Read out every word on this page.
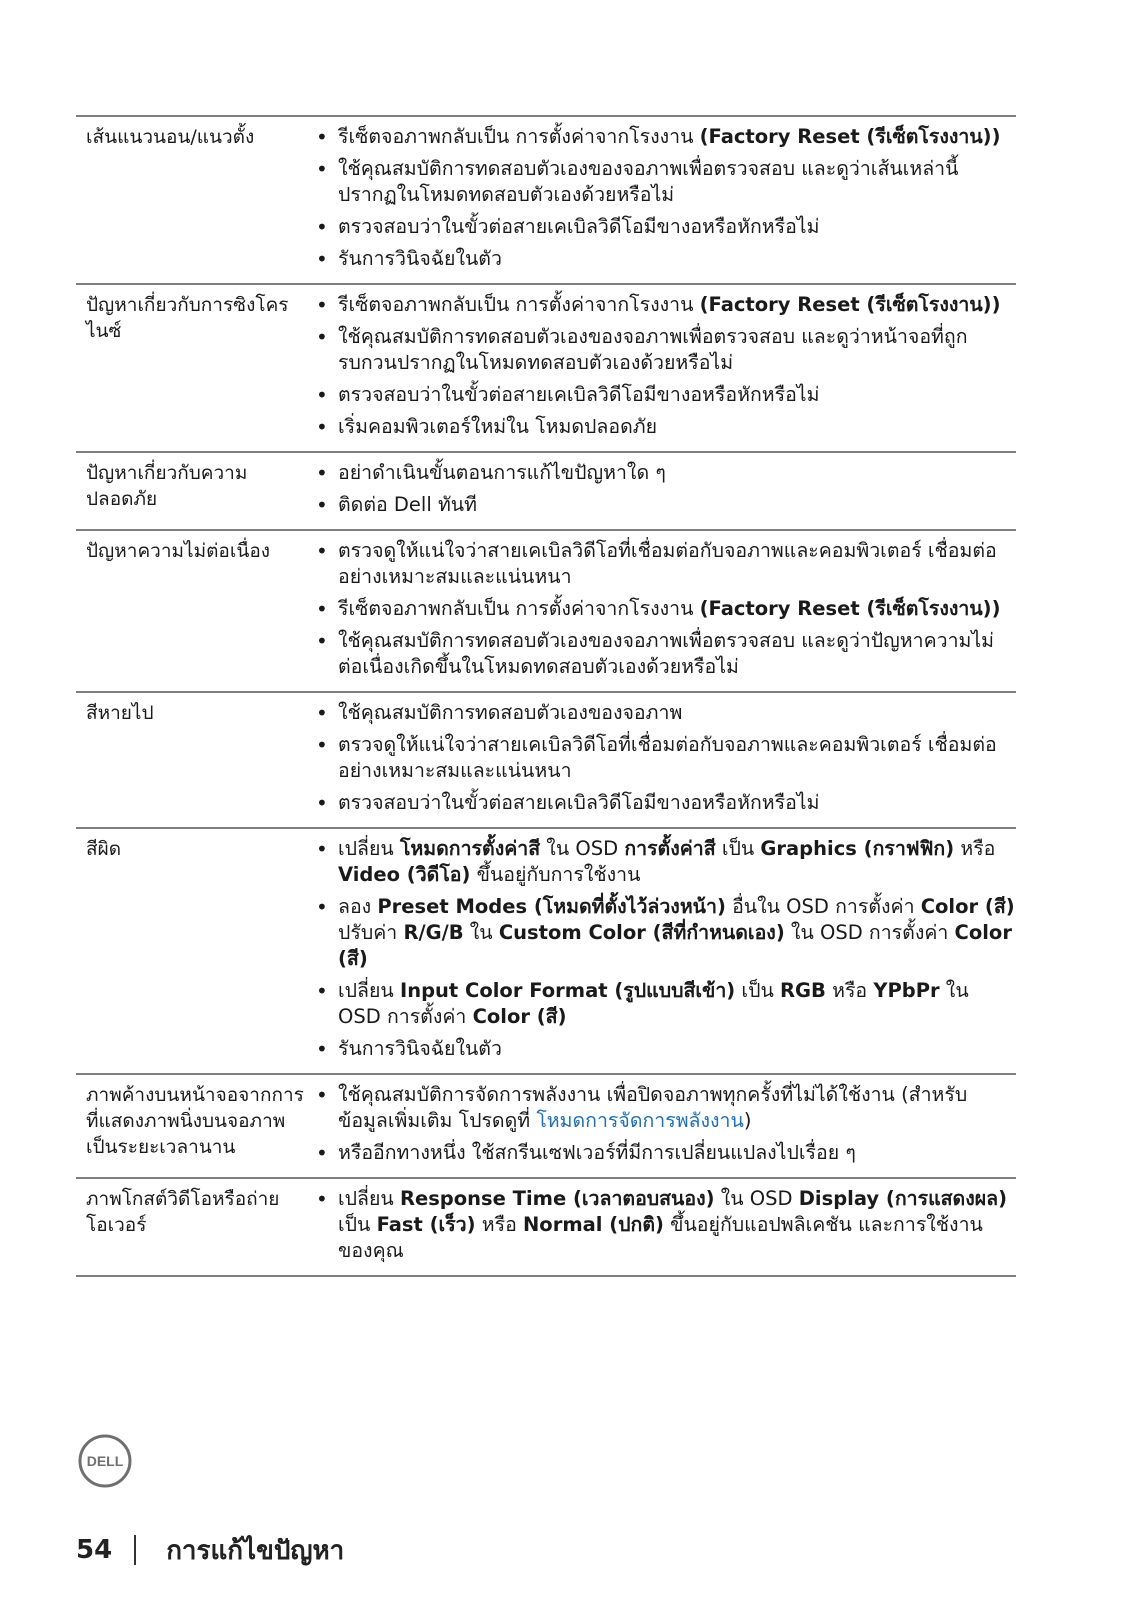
เส้นแนวนอน/แนวตั้ง	• รีเซ็ตจอภาพกลับเป็น การตั้งค่าจากโรงงาน (Factory Reset (รีเซ็ตโรงงาน))
• ใช้คุณสมบัติการทดสอบตัวเองของจอภาพเพื่อตรวจสอบ และดูว่าเส้นเหล่านี้ปรากฏในโหมดทดสอบตัวเองด้วยหรือไม่
• ตรวจสอบว่าในขั้วต่อสายเคเบิลวิดีโอมีขางอหรือหักหรือไม่
• รันการวินิจฉัยในตัว
ปัญหาเกี่ยวกับการซิงโครไนซ์
• รีเซ็ตจอภาพกลับเป็น การตั้งค่าจากโรงงาน (Factory Reset (รีเซ็ตโรงงาน))
• ใช้คุณสมบัติการทดสอบตัวเองของจอภาพเพื่อตรวจสอบ และดูว่าหน้าจอที่ถูกรบกวนปรากฏในโหมดทดสอบตัวเองด้วยหรือไม่
• ตรวจสอบว่าในขั้วต่อสายเคเบิลวิดีโอมีขางอหรือหักหรือไม่
• เริ่มคอมพิวเตอร์ใหม่ใน โหมดปลอดภัย
ปัญหาเกี่ยวกับความปลอดภัย
• อย่าดำเนินขั้นตอนการแก้ไขปัญหาใด ๆ
• ติดต่อ Dell ทันที
ปัญหาความไม่ต่อเนื่อง	• ตรวจดูให้แน่ใจว่าสายเคเบิลวิดีโอที่เชื่อมต่อกับจอภาพและคอมพิวเตอร์ เชื่อมต่ออย่างเหมาะสมและแน่นหนา
• รีเซ็ตจอภาพกลับเป็น การตั้งค่าจากโรงงาน (Factory Reset (รีเซ็ตโรงงาน))
• ใช้คุณสมบัติการทดสอบตัวเองของจอภาพเพื่อตรวจสอบ และดูว่าปัญหาความไม่ต่อเนื่องเกิดขึ้นในโหมดทดสอบตัวเองด้วยหรือไม่
สีหายไป	• ใช้คุณสมบัติการทดสอบตัวเองของจอภาพ
• ตรวจดูให้แน่ใจว่าสายเคเบิลวิดีโอที่เชื่อมต่อกับจอภาพและคอมพิวเตอร์ เชื่อมต่ออย่างเหมาะสมและแน่นหนา
• ตรวจสอบว่าในขั้วต่อสายเคเบิลวิดีโอมีขางอหรือหักหรือไม่
สีผิด	• เปลี่ยน โหมดการตั้งค่าสี ใน OSD การตั้งค่าสี เป็น Graphics (กราฟฟิก) หรือ Video (วิดีโอ) ขึ้นอยู่กับการใช้งาน
• ลอง Preset Modes (โหมดที่ตั้งไว้ล่วงหน้า) อื่นใน OSD การตั้งค่า Color (สี) ปรับค่า R/G/B ใน Custom Color (สีที่กำหนดเอง) ใน OSD การตั้งค่า Color (สี)
• เปลี่ยน Input Color Format (รูปแบบสีเข้า) เป็น RGB หรือ YPbPr ใน OSD การตั้งค่า Color (สี)
• รันการวินิจฉัยในตัว
ภาพค้างบนหน้าจอจากการที่แสดงภาพนิ่งบนจอภาพเป็นระยะเวลานาน
• ใช้คุณสมบัติการจัดการพลังงาน เพื่อปิดจอภาพทุกครั้งที่ไม่ได้ใช้งาน (สำหรับข้อมูลเพิ่มเติม โปรดดูที่ โหมดการจัดการพลังงาน)
• หรืออีกทางหนึ่ง ใช้สกรีนเซฟเวอร์ที่มีการเปลี่ยนแปลงไปเรื่อย ๆ
ภาพโกสต์วิดีโอหรือถ่ายโอเวอร์
• เปลี่ยน Response Time (เวลาตอบสนอง) ใน OSD Display (การแสดงผล) เป็น Fast (เร็ว) หรือ Normal (ปกติ) ขึ้นอยู่กับแอปพลิเคชัน และการใช้งานของคุณ
DELL
54 การแก้ไขปัญหา
